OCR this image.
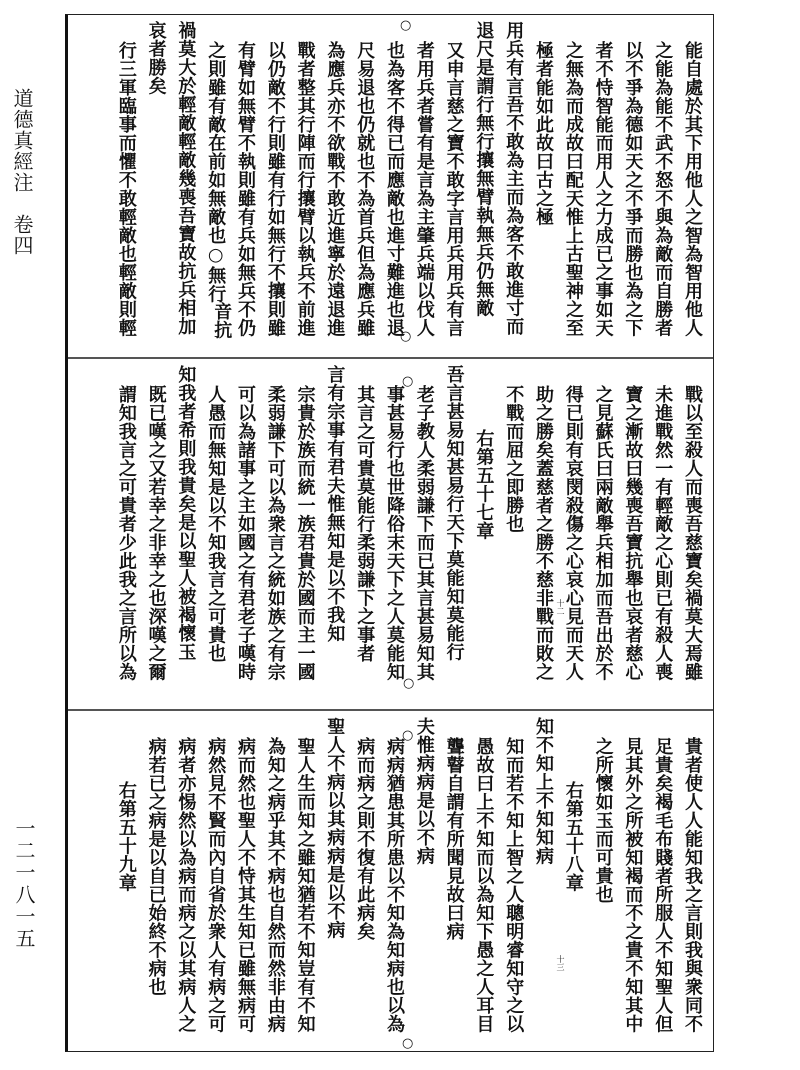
道德真經注　卷四
一二一八一五
○
○	能自處於其下用他人之智為智用他人
之能為能不武不怒不與為敵而自勝者
以不爭為德如天之不爭而勝也為之下
者不恃智能而用人之力成已之事如天
之無為而成故曰配天惟上古聖神之至
極者能如此故曰古之極
用兵有言吾不敢為主而為客不敢進寸而
退尺是謂行無行攘無臂執無兵仍無敵
又申言慈之寶不敢字言用兵用兵有言
者用兵者嘗有是言為主肇兵端以伐人
也為客不得已而應敵也進寸難進也退
尺易退也仍就也不為首兵但為應兵雖
為應兵亦不欲戰不敢近進寧於遠退進
戰者整其行陣而行攘臂以執兵不前進
以仍敵不行則雖有行如無行不攘則雖
有臂如無臂不執則雖有兵如無兵不仍
之則雖有敵在前如無敵也○無行
音抗
禍莫大於輕敵輕敵幾喪吾寶故抗兵相加
哀者勝矣
行三軍臨事而懼不敢輕敵也輕敵則輕
○
○
十二	戰以至殺人而喪吾慈寶矣禍莫大焉雖
未進戰然一有輕敵之心則已有殺人喪
寶之漸故曰幾喪吾寶抗舉也哀者慈心
之見蘇氏曰兩敵舉兵相加而吾出於不
得已則有哀閔殺傷之心哀心見而天人
助之勝矣蓋慈者之勝不慈非戰而敗之
不戰而屈之即勝也
右第五十七章
吾言甚易知甚易行天下莫能知莫能行
老子教人柔弱謙下而已其言甚易知其
事甚易行也世降俗末天下之人莫能知
其言之可貴莫能行柔弱謙下之事者
言有宗事有君夫惟無知是以不我知
宗貴於族而統一族君貴於國而主一國
柔弱謙下可以為衆言之統如族之有宗
可以為諸事之主如國之有君老子嘆時
人愚而無知是以不知我言之可貴也
知我者希則我貴矣是以聖人被褐懷玉
既已嘆之又若幸之非幸之也深嘆之爾
謂知我言之可貴者少此我之言所以為
○
○
十三	貴者使人人能知我之言則我與衆同不
足貴矣褐毛布賤者所服人不知聖人但
見其外之所被知褐而不之貴不知其中
之所懷如玉而可貴也
右第五十八章
知不知上不知知病
知而若不知上智之人聰明睿知守之以
愚故曰上不知而以為知下愚之人耳目
聾瞽自謂有所聞見故曰病
夫惟病病是以不病
病病猶患其所患以不知為知病也以為
病而病之則不復有此病矣
聖人不病以其病病是以不病
聖人生而知之雖知猶若不知豈有不知
為知之病乎其不病也自然而然非由病
病而然也聖人不恃其生知已雖無病可
病然見不賢而內自省於衆人有病之可
病者亦惕然以為病而病之以其病人之
病若已之病是以自已始終不病也
右第五十九章
